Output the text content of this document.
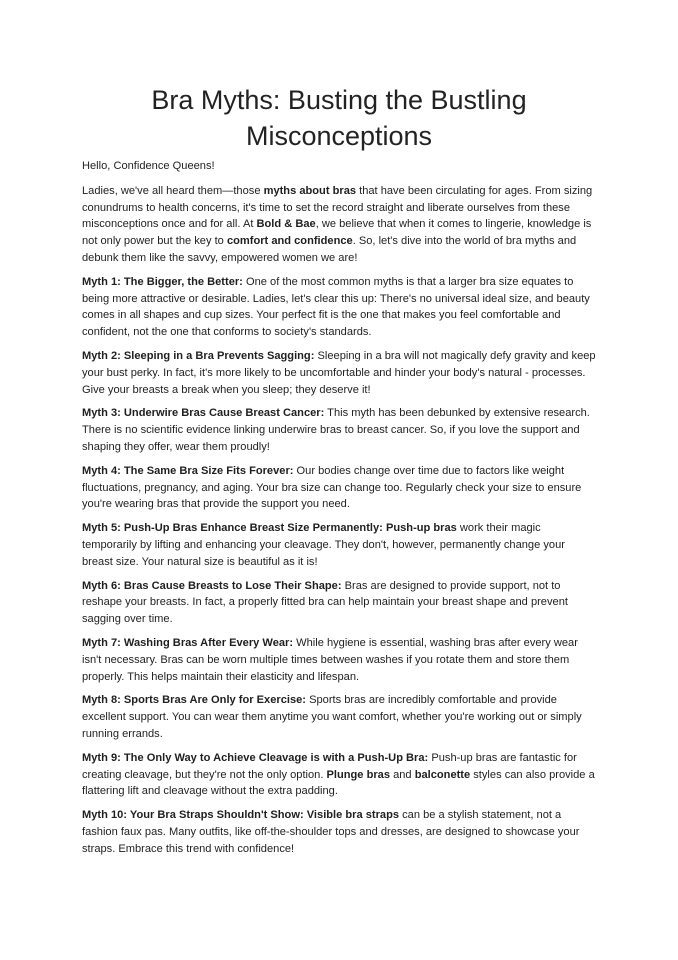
Bra Myths: Busting the Bustling Misconceptions

Hello, Confidence Queens!

Ladies, we've all heard them—those myths about bras that have been circulating for ages. From sizing conundrums to health concerns, it's time to set the record straight and liberate ourselves from these misconceptions once and for all. At Bold & Bae, we believe that when it comes to lingerie, knowledge is not only power but the key to comfort and confidence. So, let's dive into the world of bra myths and debunk them like the savvy, empowered women we are!

Myth 1: The Bigger, the Better: One of the most common myths is that a larger bra size equates to being more attractive or desirable. Ladies, let's clear this up: There's no universal ideal size, and beauty comes in all shapes and cup sizes. Your perfect fit is the one that makes you feel comfortable and confident, not the one that conforms to society's standards.

Myth 2: Sleeping in a Bra Prevents Sagging: Sleeping in a bra will not magically defy gravity and keep your bust perky. In fact, it's more likely to be uncomfortable and hinder your body's natural - processes. Give your breasts a break when you sleep; they deserve it!

Myth 3: Underwire Bras Cause Breast Cancer: This myth has been debunked by extensive research. There is no scientific evidence linking underwire bras to breast cancer. So, if you love the support and shaping they offer, wear them proudly!

Myth 4: The Same Bra Size Fits Forever: Our bodies change over time due to factors like weight fluctuations, pregnancy, and aging. Your bra size can change too. Regularly check your size to ensure you're wearing bras that provide the support you need.

Myth 5: Push-Up Bras Enhance Breast Size Permanently: Push-up bras work their magic temporarily by lifting and enhancing your cleavage. They don't, however, permanently change your breast size. Your natural size is beautiful as it is!

Myth 6: Bras Cause Breasts to Lose Their Shape: Bras are designed to provide support, not to reshape your breasts. In fact, a properly fitted bra can help maintain your breast shape and prevent sagging over time.

Myth 7: Washing Bras After Every Wear: While hygiene is essential, washing bras after every wear isn't necessary. Bras can be worn multiple times between washes if you rotate them and store them properly. This helps maintain their elasticity and lifespan.

Myth 8: Sports Bras Are Only for Exercise: Sports bras are incredibly comfortable and provide excellent support. You can wear them anytime you want comfort, whether you're working out or simply running errands.

Myth 9: The Only Way to Achieve Cleavage is with a Push-Up Bra: Push-up bras are fantastic for creating cleavage, but they're not the only option. Plunge bras and balconette styles can also provide a flattering lift and cleavage without the extra padding.

Myth 10: Your Bra Straps Shouldn't Show: Visible bra straps can be a stylish statement, not a fashion faux pas. Many outfits, like off-the-shoulder tops and dresses, are designed to showcase your straps. Embrace this trend with confidence!
